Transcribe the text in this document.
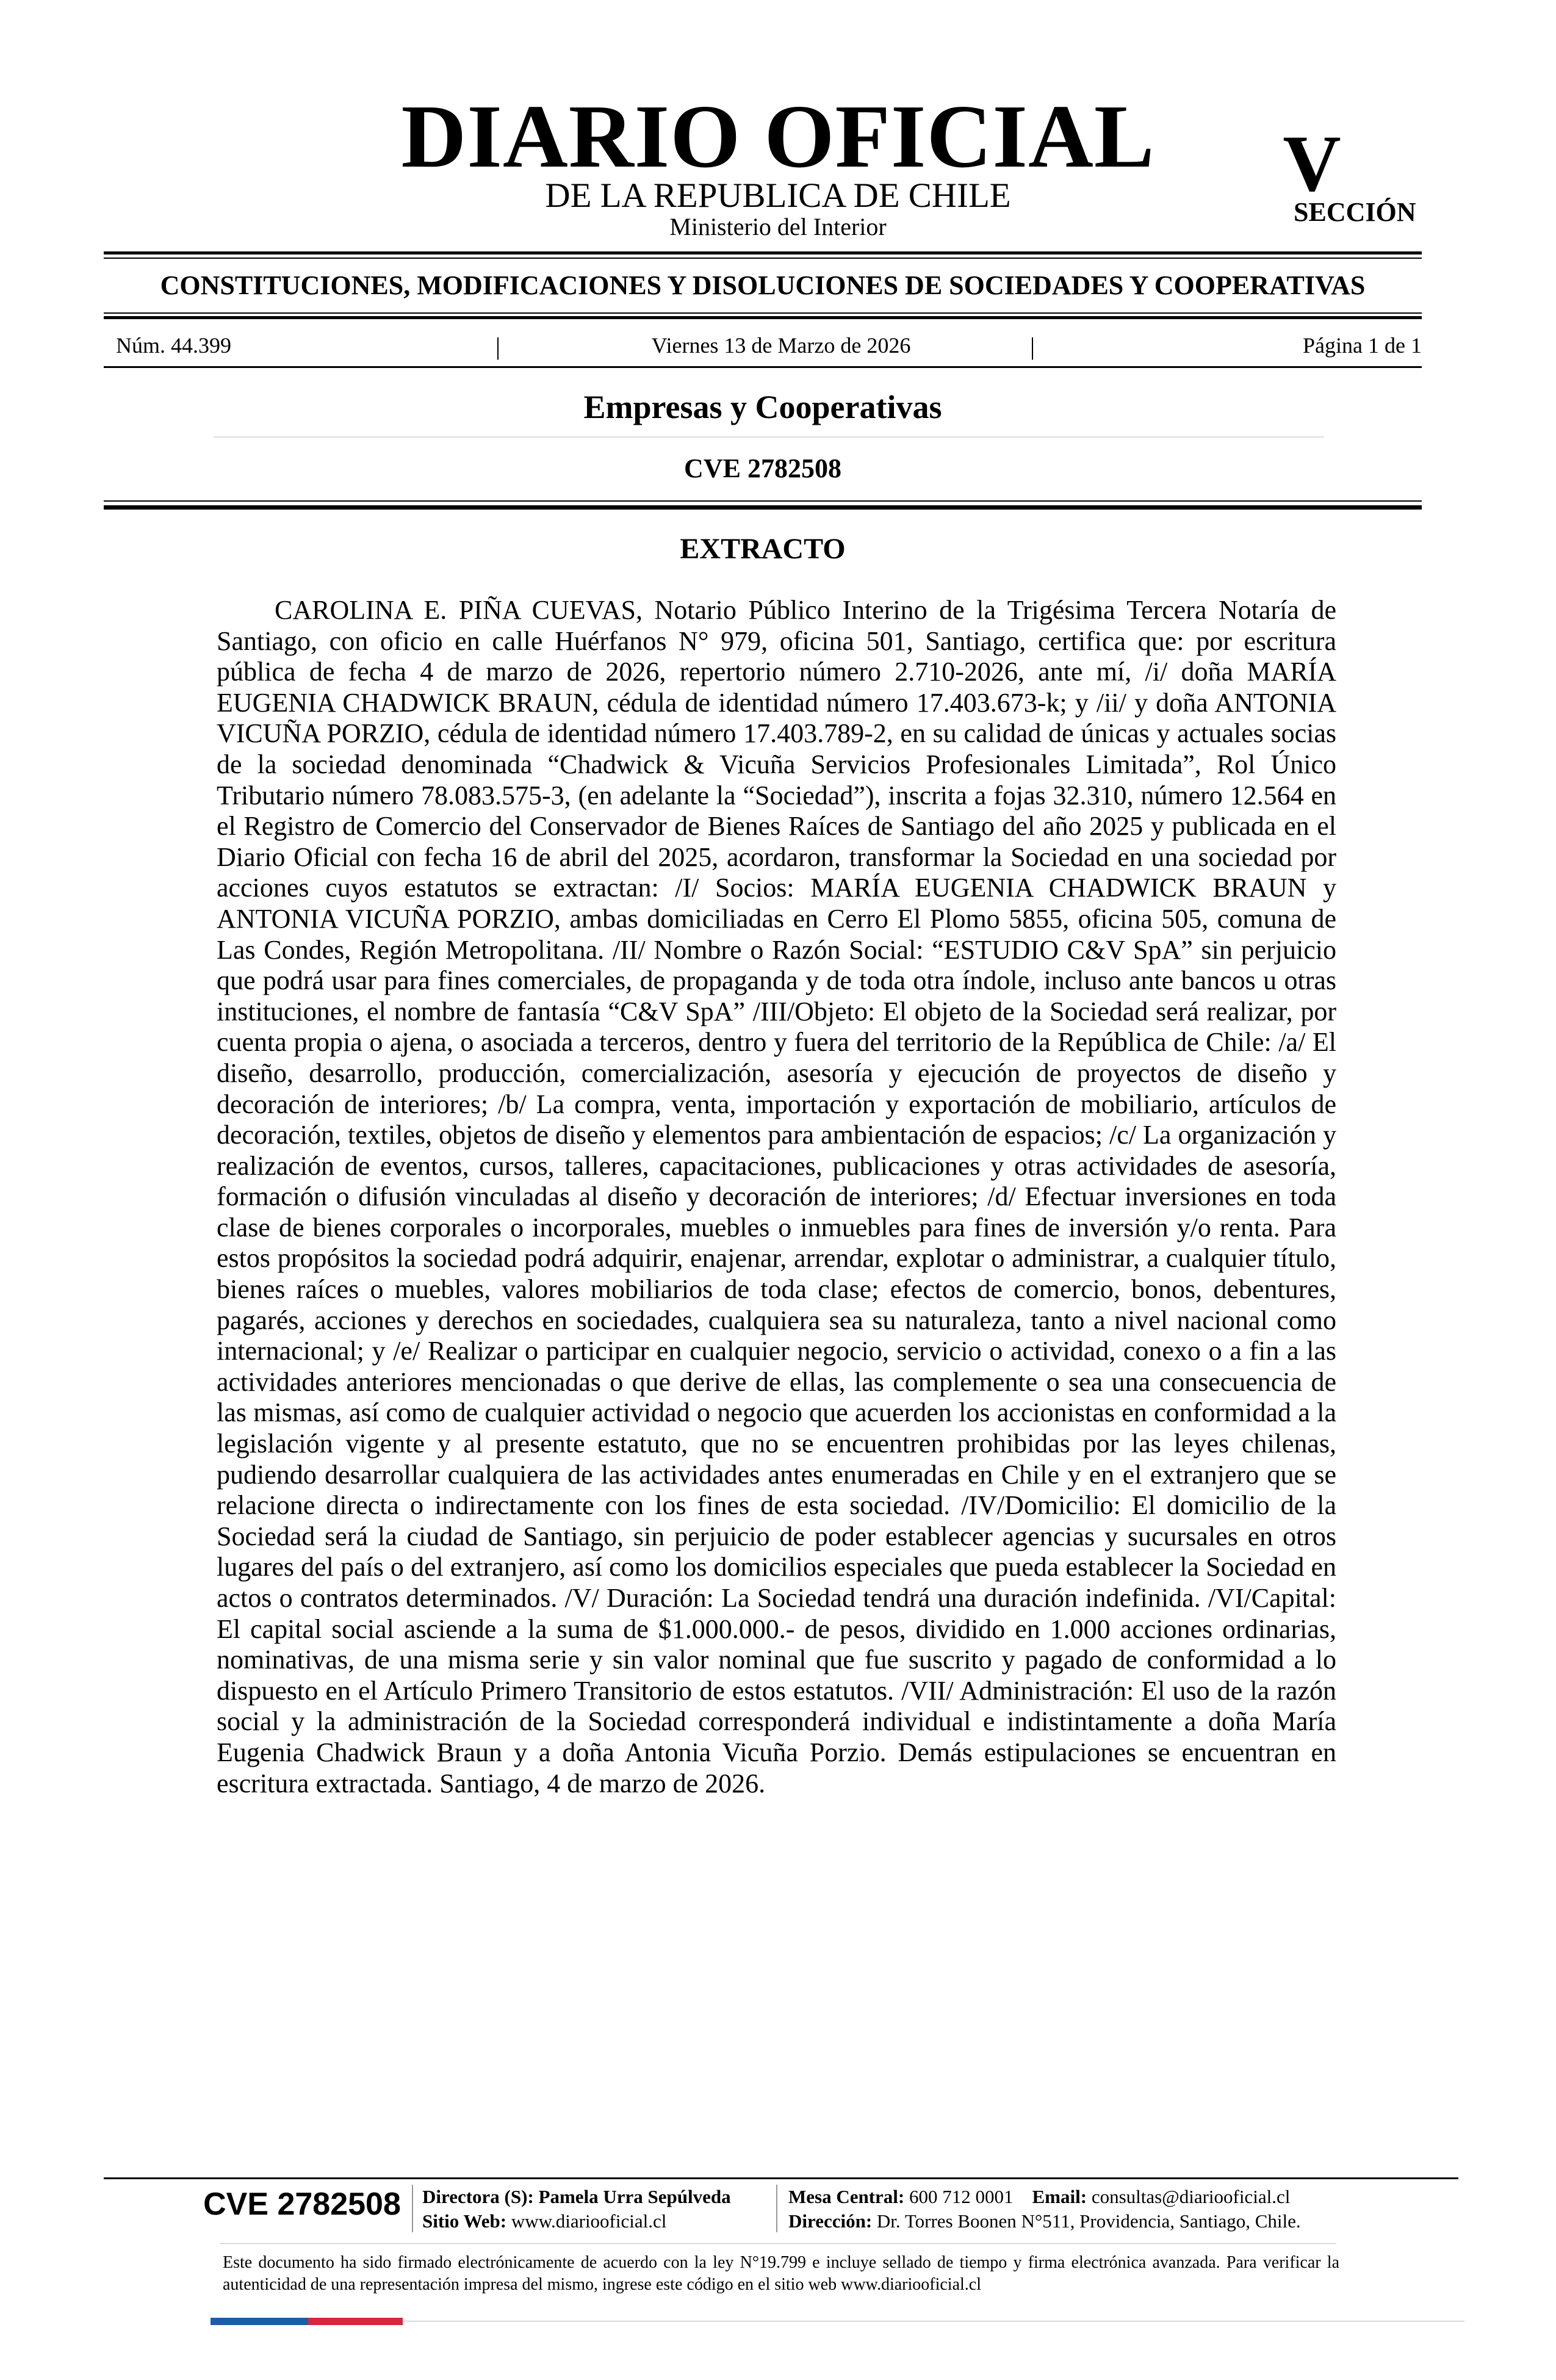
DIARIO OFICIAL
DE LA REPUBLICA DE CHILE
Ministerio del Interior
V
SECCIÓN
CONSTITUCIONES, MODIFICACIONES Y DISOLUCIONES DE SOCIEDADES Y COOPERATIVAS
Núm. 44.399	|	Viernes 13 de Marzo de 2026	|	Página 1 de 1
Empresas y Cooperativas
CVE 2782508
EXTRACTO
CAROLINA E. PIÑA CUEVAS, Notario Público Interino de la Trigésima Tercera Notaría de Santiago, con oficio en calle Huérfanos N° 979, oficina 501, Santiago, certifica que: por escritura pública de fecha 4 de marzo de 2026, repertorio número 2.710-2026, ante mí, /i/ doña MARÍA EUGENIA CHADWICK BRAUN, cédula de identidad número 17.403.673-k; y /ii/ y doña ANTONIA VICUÑA PORZIO, cédula de identidad número 17.403.789-2, en su calidad de únicas y actuales socias de la sociedad denominada “Chadwick & Vicuña Servicios Profesionales Limitada”, Rol Único Tributario número 78.083.575-3, (en adelante la “Sociedad”), inscrita a fojas 32.310, número 12.564 en el Registro de Comercio del Conservador de Bienes Raíces de Santiago del año 2025 y publicada en el Diario Oficial con fecha 16 de abril del 2025, acordaron, transformar la Sociedad en una sociedad por acciones cuyos estatutos se extractan: /I/ Socios: MARÍA EUGENIA CHADWICK BRAUN y ANTONIA VICUÑA PORZIO, ambas domiciliadas en Cerro El Plomo 5855, oficina 505, comuna de Las Condes, Región Metropolitana. /II/ Nombre o Razón Social: “ESTUDIO C&V SpA” sin perjuicio que podrá usar para fines comerciales, de propaganda y de toda otra índole, incluso ante bancos u otras instituciones, el nombre de fantasía “C&V SpA” /III/Objeto: El objeto de la Sociedad será realizar, por cuenta propia o ajena, o asociada a terceros, dentro y fuera del territorio de la República de Chile: /a/ El diseño, desarrollo, producción, comercialización, asesoría y ejecución de proyectos de diseño y decoración de interiores; /b/ La compra, venta, importación y exportación de mobiliario, artículos de decoración, textiles, objetos de diseño y elementos para ambientación de espacios; /c/ La organización y realización de eventos, cursos, talleres, capacitaciones, publicaciones y otras actividades de asesoría, formación o difusión vinculadas al diseño y decoración de interiores; /d/ Efectuar inversiones en toda clase de bienes corporales o incorporales, muebles o inmuebles para fines de inversión y/o renta. Para estos propósitos la sociedad podrá adquirir, enajenar, arrendar, explotar o administrar, a cualquier título, bienes raíces o muebles, valores mobiliarios de toda clase; efectos de comercio, bonos, debentures, pagarés, acciones y derechos en sociedades, cualquiera sea su naturaleza, tanto a nivel nacional como internacional; y /e/ Realizar o participar en cualquier negocio, servicio o actividad, conexo o a fin a las actividades anteriores mencionadas o que derive de ellas, las complemente o sea una consecuencia de las mismas, así como de cualquier actividad o negocio que acuerden los accionistas en conformidad a la legislación vigente y al presente estatuto, que no se encuentren prohibidas por las leyes chilenas, pudiendo desarrollar cualquiera de las actividades antes enumeradas en Chile y en el extranjero que se relacione directa o indirectamente con los fines de esta sociedad. /IV/Domicilio: El domicilio de la Sociedad será la ciudad de Santiago, sin perjuicio de poder establecer agencias y sucursales en otros lugares del país o del extranjero, así como los domicilios especiales que pueda establecer la Sociedad en actos o contratos determinados. /V/ Duración: La Sociedad tendrá una duración indefinida. /VI/Capital: El capital social asciende a la suma de $1.000.000.- de pesos, dividido en 1.000 acciones ordinarias, nominativas, de una misma serie y sin valor nominal que fue suscrito y pagado de conformidad a lo dispuesto en el Artículo Primero Transitorio de estos estatutos. /VII/ Administración: El uso de la razón social y la administración de la Sociedad corresponderá individual e indistintamente a doña María Eugenia Chadwick Braun y a doña Antonia Vicuña Porzio. Demás estipulaciones se encuentran en escritura extractada. Santiago, 4 de marzo de 2026.
CVE 2782508 Directora (S): Pamela Urra Sepúlveda
Sitio Web: www.diariooficial.cl
Mesa Central: 600 712 0001 Email: consultas@diariooficial.cl
Dirección: Dr. Torres Boonen N°511, Providencia, Santiago, Chile.
Este documento ha sido firmado electrónicamente de acuerdo con la ley N°19.799 e incluye sellado de tiempo y firma electrónica avanzada. Para verificar la autenticidad de una representación impresa del mismo, ingrese este código en el sitio web www.diariooficial.cl
